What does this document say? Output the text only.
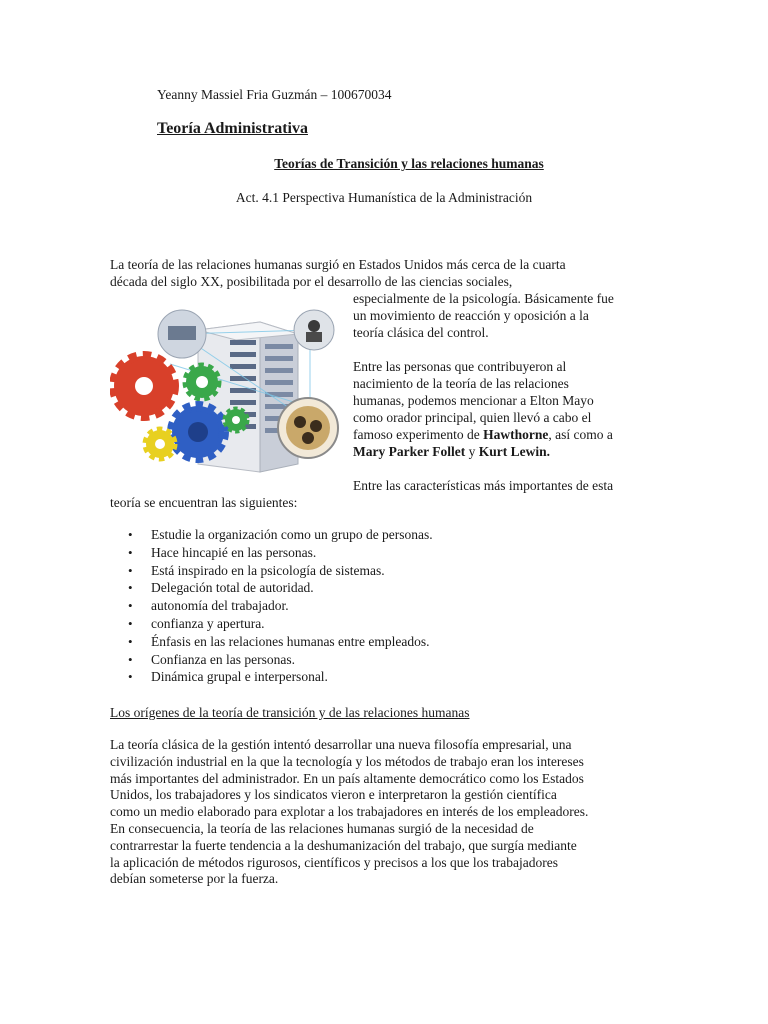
Yeanny Massiel Fria Guzmán – 100670034
Teoría Administrativa
Teorías de Transición y las relaciones humanas
Act. 4.1 Perspectiva Humanística de la Administración
La teoría de las relaciones humanas surgió en Estados Unidos más cerca de la cuarta
década del siglo XX, posibilitada por el desarrollo de las ciencias sociales,
especialmente de la psicología. Básicamente fue
un movimiento de reacción y oposición a la
teoría clásica del control.
Entre las personas que contribuyeron al
nacimiento de la teoría de las relaciones
humanas, podemos mencionar a Elton Mayo
como orador principal, quien llevó a cabo el
famoso experimento de Hawthorne, así como a
Mary Parker Follet y Kurt Lewin.
Entre las características más importantes de esta
teoría se encuentran las siguientes:
• Estudie la organización como un grupo de personas.
• Hace hincapié en las personas.
• Está inspirado en la psicología de sistemas.
• Delegación total de autoridad.
• autonomía del trabajador.
• confianza y apertura.
• Énfasis en las relaciones humanas entre empleados.
• Confianza en las personas.
• Dinámica grupal e interpersonal.
Los orígenes de la teoría de transición y de las relaciones humanas
La teoría clásica de la gestión intentó desarrollar una nueva filosofía empresarial, una
civilización industrial en la que la tecnología y los métodos de trabajo eran los intereses
más importantes del administrador. En un país altamente democrático como los Estados
Unidos, los trabajadores y los sindicatos vieron e interpretaron la gestión científica
como un medio elaborado para explotar a los trabajadores en interés de los empleadores.
En consecuencia, la teoría de las relaciones humanas surgió de la necesidad de
contrarrestar la fuerte tendencia a la deshumanización del trabajo, que surgía mediante
la aplicación de métodos rigurosos, científicos y precisos a los que los trabajadores
debían someterse por la fuerza.
